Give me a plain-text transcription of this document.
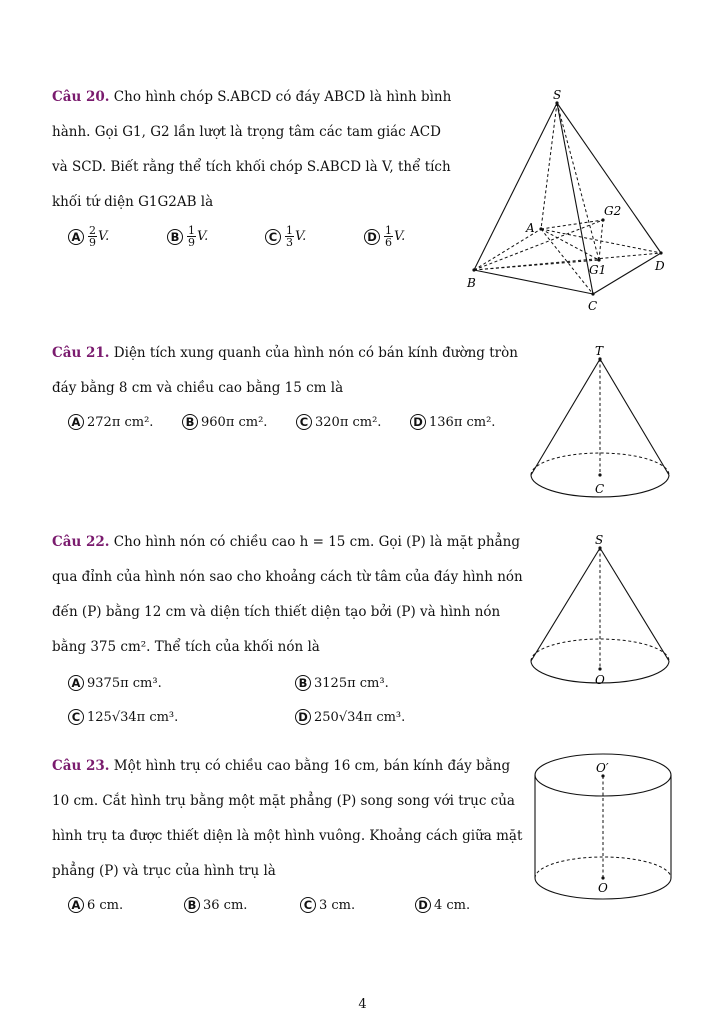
Câu 20. Cho hình chóp S.ABCD có đáy ABCD là hình bình
hành. Gọi G1, G2 lần lượt là trọng tâm các tam giác ACD
và SCD. Biết rằng thể tích khối chóp S.ABCD là V, thể tích
khối tứ diện G1G2AB là
A $\frac{2}{9} V$.	B $\frac{1}{9} V$.	C $\frac{1}{3} V$.	D $\frac{1}{6} V$.
S
A
B
C
D
G1
G2
Câu 21. Diện tích xung quanh của hình nón có bán kính đường tròn
đáy bằng 8 cm và chiều cao bằng 15 cm là
A 272π cm².	B 960π cm².	C 320π cm².	D 136π cm².
T
C
Câu 22. Cho hình nón có chiều cao h = 15 cm. Gọi (P) là mặt phẳng
qua đỉnh của hình nón sao cho khoảng cách từ tâm của đáy hình nón
đến (P) bằng 12 cm và diện tích thiết diện tạo bởi (P) và hình nón
bằng 375 cm². Thể tích của khối nón là
A 9375π cm³.	B 3125π cm³.
C 125√34π cm³.	D 250√34π cm³.
S
O
Câu 23. Một hình trụ có chiều cao bằng 16 cm, bán kính đáy bằng
10 cm. Cắt hình trụ bằng một mặt phẳng (P) song song với trục của
hình trụ ta được thiết diện là một hình vuông. Khoảng cách giữa mặt
phẳng (P) và trục của hình trụ là
A 6 cm.	B 36 cm.	C 3 cm.	D 4 cm.
O′
O
4
